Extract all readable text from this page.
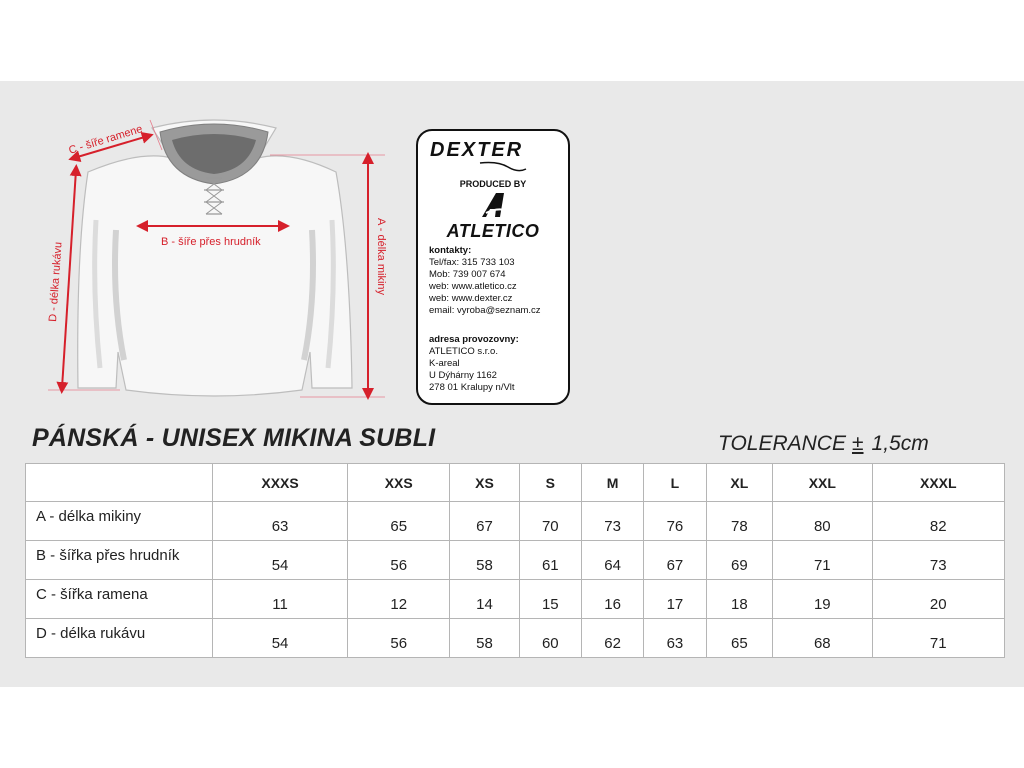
A - délka mikiny
B - šíře přes hrudník
C - šíře ramene
D - délka rukávu
DEXTER
PRODUCED BY
ATLETICO
kontakty:
Tel/fax: 315 733 103
Mob: 739 007 674
web: www.atletico.cz
web: www.dexter.cz
email: vyroba@seznam.cz
adresa provozovny:
ATLETICO s.r.o.
K-areal
U Dýhárny 1162
278 01 Kralupy n/Vlt
PÁNSKÁ - UNISEX MIKINA SUBLI	TOLERANCE ± 1,5cm
	XXXS	XXS	XS	S	M	L	XL	XXL	XXXL
A - délka mikiny	63	65	67	70	73	76	78	80	82
B - šířka přes hrudník	54	56	58	61	64	67	69	71	73
C - šířka ramena	11	12	14	15	16	17	18	19	20
D - délka rukávu	54	56	58	60	62	63	65	68	71
